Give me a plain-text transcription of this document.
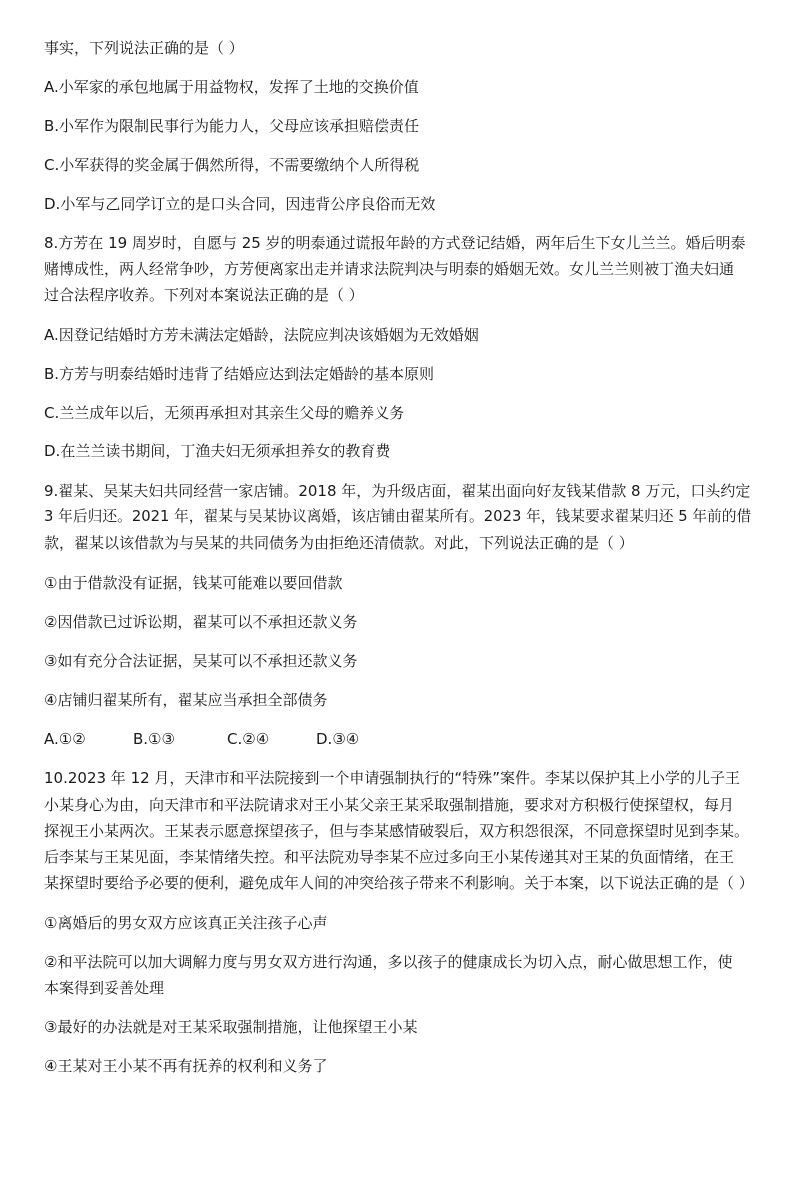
事实，下列说法正确的是（ ）
A.小军家的承包地属于用益物权，发挥了土地的交换价值
B.小军作为限制民事行为能力人，父母应该承担赔偿责任
C.小军获得的奖金属于偶然所得，不需要缴纳个人所得税
D.小军与乙同学订立的是口头合同，因违背公序良俗而无效
8.方芳在 19 周岁时，自愿与 25 岁的明泰通过谎报年龄的方式登记结婚，两年后生下女儿兰兰。婚后明泰
赌博成性，两人经常争吵，方芳便离家出走并请求法院判决与明泰的婚姻无效。女儿兰兰则被丁渔夫妇通
过合法程序收养。下列对本案说法正确的是（ ）
A.因登记结婚时方芳未满法定婚龄，法院应判决该婚姻为无效婚姻
B.方芳与明泰结婚时违背了结婚应达到法定婚龄的基本原则
C.兰兰成年以后，无须再承担对其亲生父母的赡养义务
D.在兰兰读书期间，丁渔夫妇无须承担养女的教育费
9.翟某、吴某夫妇共同经营一家店铺。2018 年，为升级店面，翟某出面向好友钱某借款 8 万元，口头约定
3 年后归还。2021 年，翟某与吴某协议离婚，该店铺由翟某所有。2023 年，钱某要求翟某归还 5 年前的借
款，翟某以该借款为与吴某的共同债务为由拒绝还清债款。对此，下列说法正确的是（ ）
①由于借款没有证据，钱某可能难以要回借款
②因借款已过诉讼期，翟某可以不承担还款义务
③如有充分合法证据，吴某可以不承担还款义务
④店铺归翟某所有，翟某应当承担全部债务
A.①②	B.①③	C.②④	D.③④
10.2023 年 12 月，天津市和平法院接到一个申请强制执行的“特殊”案件。李某以保护其上小学的儿子王
小某身心为由，向天津市和平法院请求对王小某父亲王某采取强制措施，要求对方积极行使探望权，每月
探视王小某两次。王某表示愿意探望孩子，但与李某感情破裂后，双方积怨很深，不同意探望时见到李某。
后李某与王某见面，李某情绪失控。和平法院劝导李某不应过多向王小某传递其对王某的负面情绪，在王
某探望时要给予必要的便利，避免成年人间的冲突给孩子带来不利影响。关于本案，以下说法正确的是（ ）
①离婚后的男女双方应该真正关注孩子心声
②和平法院可以加大调解力度与男女双方进行沟通，多以孩子的健康成长为切入点，耐心做思想工作，使
本案得到妥善处理
③最好的办法就是对王某采取强制措施，让他探望王小某
④王某对王小某不再有抚养的权利和义务了
